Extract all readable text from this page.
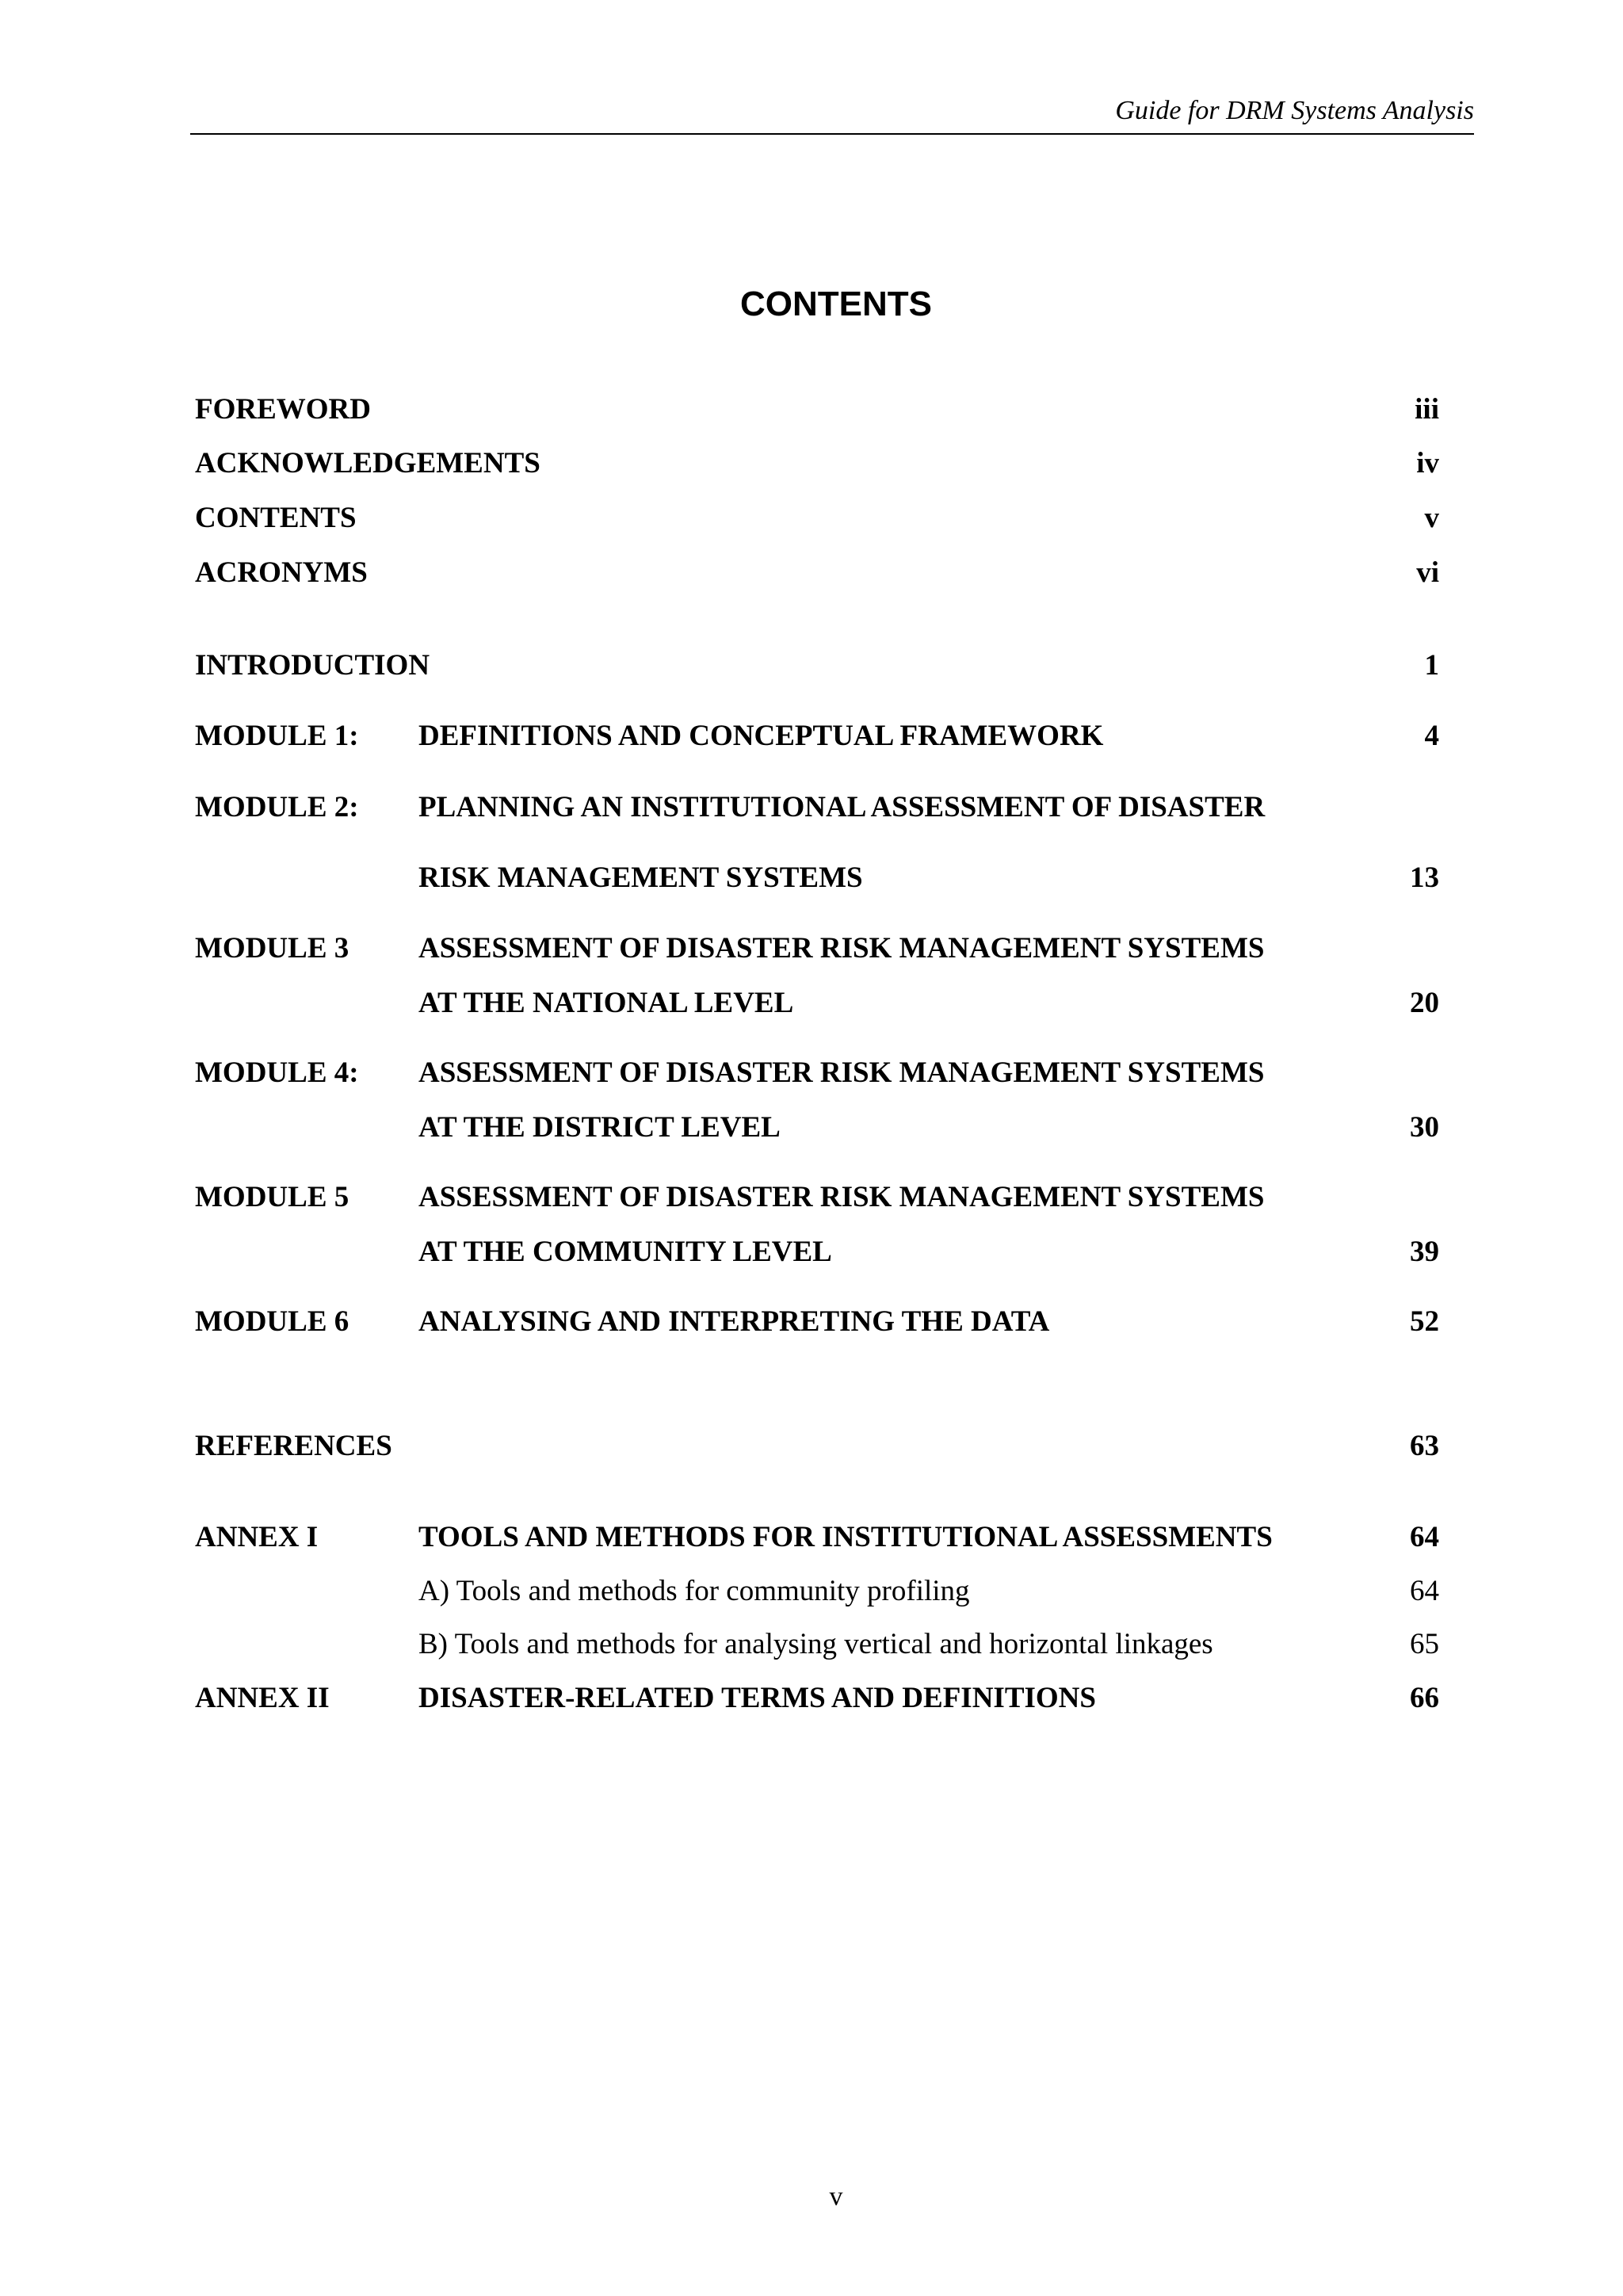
Guide for DRM Systems Analysis
CONTENTS
FOREWORD	iii
ACKNOWLEDGEMENTS	iv
CONTENTS	v
ACRONYMS	vi
INTRODUCTION	1
MODULE 1: DEFINITIONS AND CONCEPTUAL FRAMEWORK	4
MODULE 2: PLANNING AN INSTITUTIONAL ASSESSMENT OF DISASTER
RISK MANAGEMENT SYSTEMS	13
MODULE 3 ASSESSMENT OF DISASTER RISK MANAGEMENT SYSTEMS
AT THE NATIONAL LEVEL	20
MODULE 4: ASSESSMENT OF DISASTER RISK MANAGEMENT SYSTEMS
AT THE DISTRICT LEVEL	30
MODULE 5 ASSESSMENT OF DISASTER RISK MANAGEMENT SYSTEMS
AT THE COMMUNITY LEVEL	39
MODULE 6 ANALYSING AND INTERPRETING THE DATA	52
REFERENCES	63
ANNEX I	TOOLS AND METHODS FOR INSTITUTIONAL ASSESSMENTS	64
A) Tools and methods for community profiling	64
B) Tools and methods for analysing vertical and horizontal linkages	65
ANNEX II	DISASTER-RELATED TERMS AND DEFINITIONS	66
v
